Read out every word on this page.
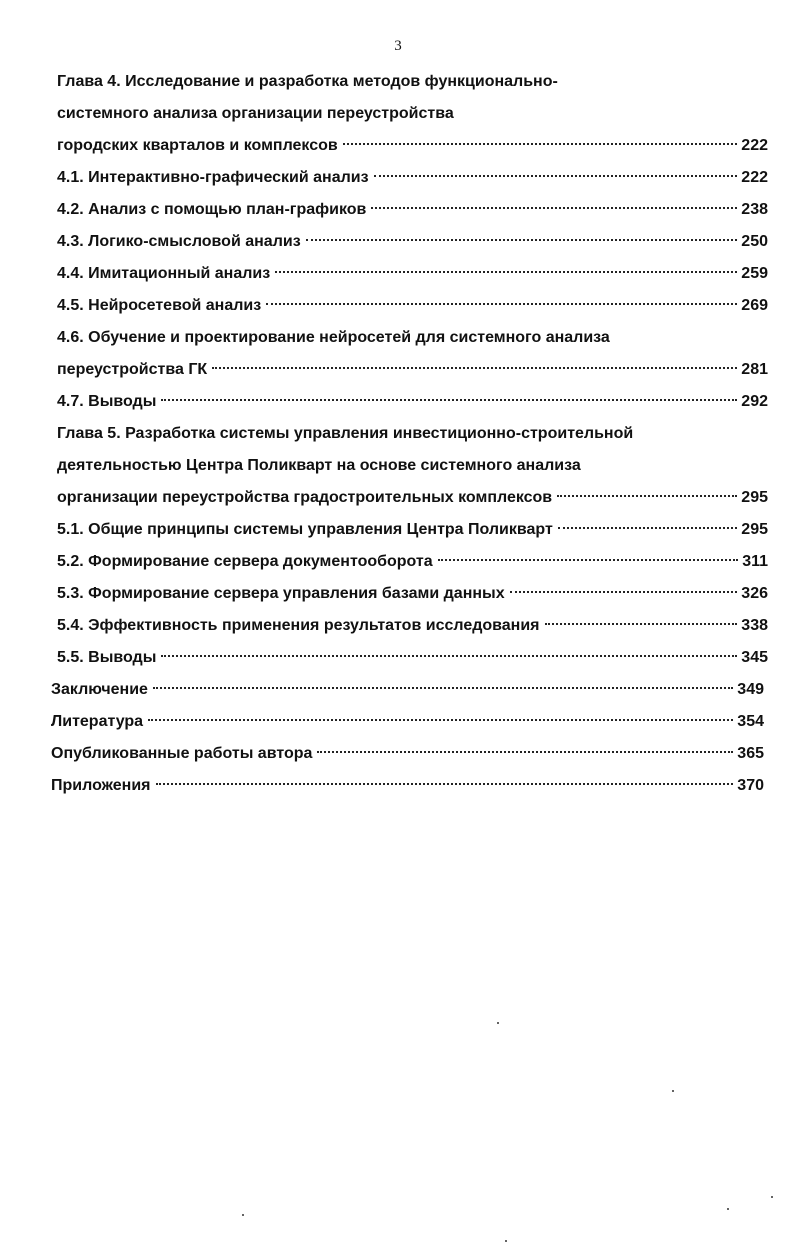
3
Глава 4. Исследование и разработка методов функционально-
системного анализа организации переустройства
городских кварталов и комплексов	222
4.1. Интерактивно-графический анализ	222
4.2. Анализ с помощью план-графиков	238
4.3. Логико-смысловой анализ	250
4.4. Имитационный анализ	259
4.5. Нейросетевой анализ	269
4.6. Обучение и проектирование нейросетей для системного анализа
переустройства ГК	281
4.7. Выводы	292
Глава 5. Разработка системы управления инвестиционно-строительной
деятельностью Центра Поликварт на основе системного анализа
организации переустройства градостроительных комплексов	295
5.1. Общие принципы системы управления Центра Поликварт	295
5.2. Формирование сервера документооборота	311
5.3. Формирование сервера управления базами данных	326
5.4. Эффективность применения результатов исследования	338
5.5. Выводы	345
Заключение	349
Литература	354
Опубликованные работы автора	365
Приложения	370
